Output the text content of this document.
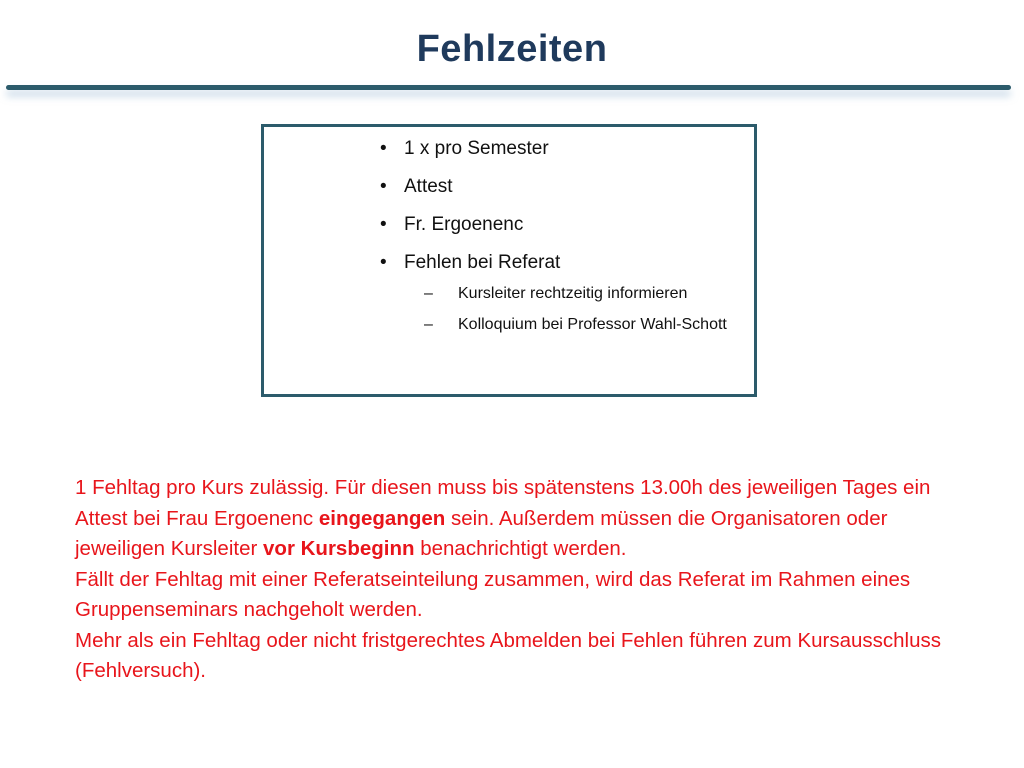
Fehlzeiten
• 1 x pro Semester
• Attest
• Fr. Ergoenenc
• Fehlen bei Referat
– Kursleiter rechtzeitig informieren
– Kolloquium bei Professor Wahl-Schott
1 Fehltag pro Kurs zulässig. Für diesen muss bis spätenstens 13.00h des jeweiligen Tages ein Attest bei Frau Ergoenenc eingegangen sein. Außerdem müssen die Organisatoren oder jeweiligen Kursleiter vor Kursbeginn benachrichtigt werden.
Fällt der Fehltag mit einer Referatseinteilung zusammen, wird das Referat im Rahmen eines Gruppenseminars nachgeholt werden.
Mehr als ein Fehltag oder nicht fristgerechtes Abmelden bei Fehlen führen zum Kursausschluss (Fehlversuch).
